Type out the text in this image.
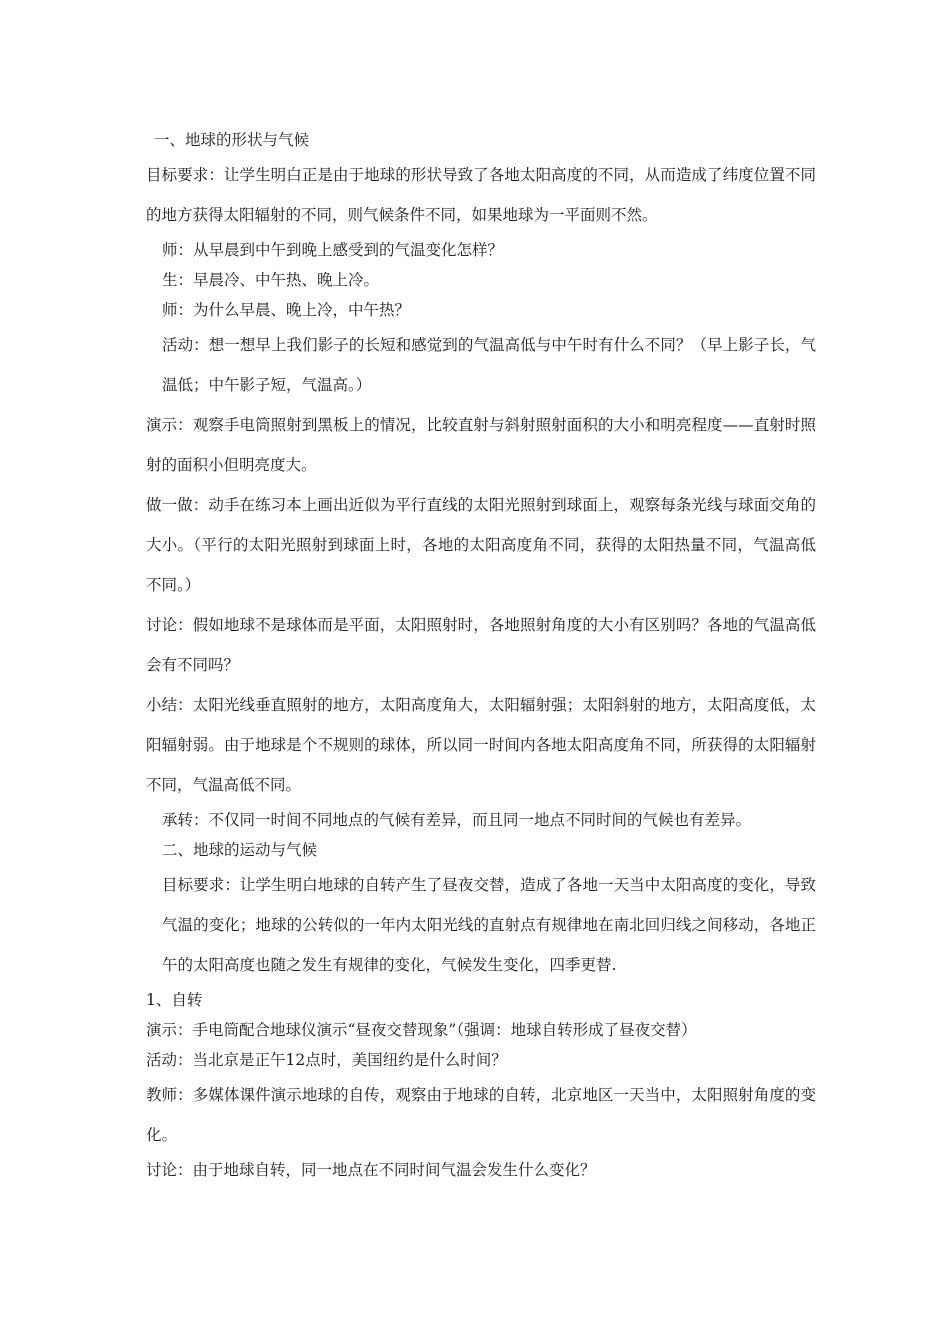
一、地球的形状与气候

目标要求：让学生明白正是由于地球的形状导致了各地太阳高度的不同，从而造成了纬度位置不同的地方获得太阳辐射的不同，则气候条件不同，如果地球为一平面则不然。

师：从早晨到中午到晚上感受到的气温变化怎样？

生：早晨冷、中午热、晚上冷。

师：为什么早晨、晚上冷，中午热？

活动：想一想早上我们影子的长短和感觉到的气温高低与中午时有什么不同？（早上影子长，气温低；中午影子短，气温高。）

演示：观察手电筒照射到黑板上的情况，比较直射与斜射照射面积的大小和明亮程度——直射时照射的面积小但明亮度大。

做一做：动手在练习本上画出近似为平行直线的太阳光照射到球面上，观察每条光线与球面交角的大小。（平行的太阳光照射到球面上时，各地的太阳高度角不同，获得的太阳热量不同，气温高低不同。）

讨论：假如地球不是球体而是平面，太阳照射时，各地照射角度的大小有区别吗？各地的气温高低会有不同吗？

小结：太阳光线垂直照射的地方，太阳高度角大，太阳辐射强；太阳斜射的地方，太阳高度低，太阳辐射弱。由于地球是个不规则的球体，所以同一时间内各地太阳高度角不同，所获得的太阳辐射不同，气温高低不同。

承转：不仅同一时间不同地点的气候有差异，而且同一地点不同时间的气候也有差异。

二、地球的运动与气候

目标要求：让学生明白地球的自转产生了昼夜交替，造成了各地一天当中太阳高度的变化，导致气温的变化；地球的公转似的一年内太阳光线的直射点有规律地在南北回归线之间移动，各地正午的太阳高度也随之发生有规律的变化，气候发生变化，四季更替.

1、自转

演示：手电筒配合地球仪演示“昼夜交替现象”（强调：地球自转形成了昼夜交替）

活动：当北京是正午12点时，美国纽约是什么时间？

教师：多媒体课件演示地球的自传，观察由于地球的自转，北京地区一天当中，太阳照射角度的变化。

讨论：由于地球自转，同一地点在不同时间气温会发生什么变化？
